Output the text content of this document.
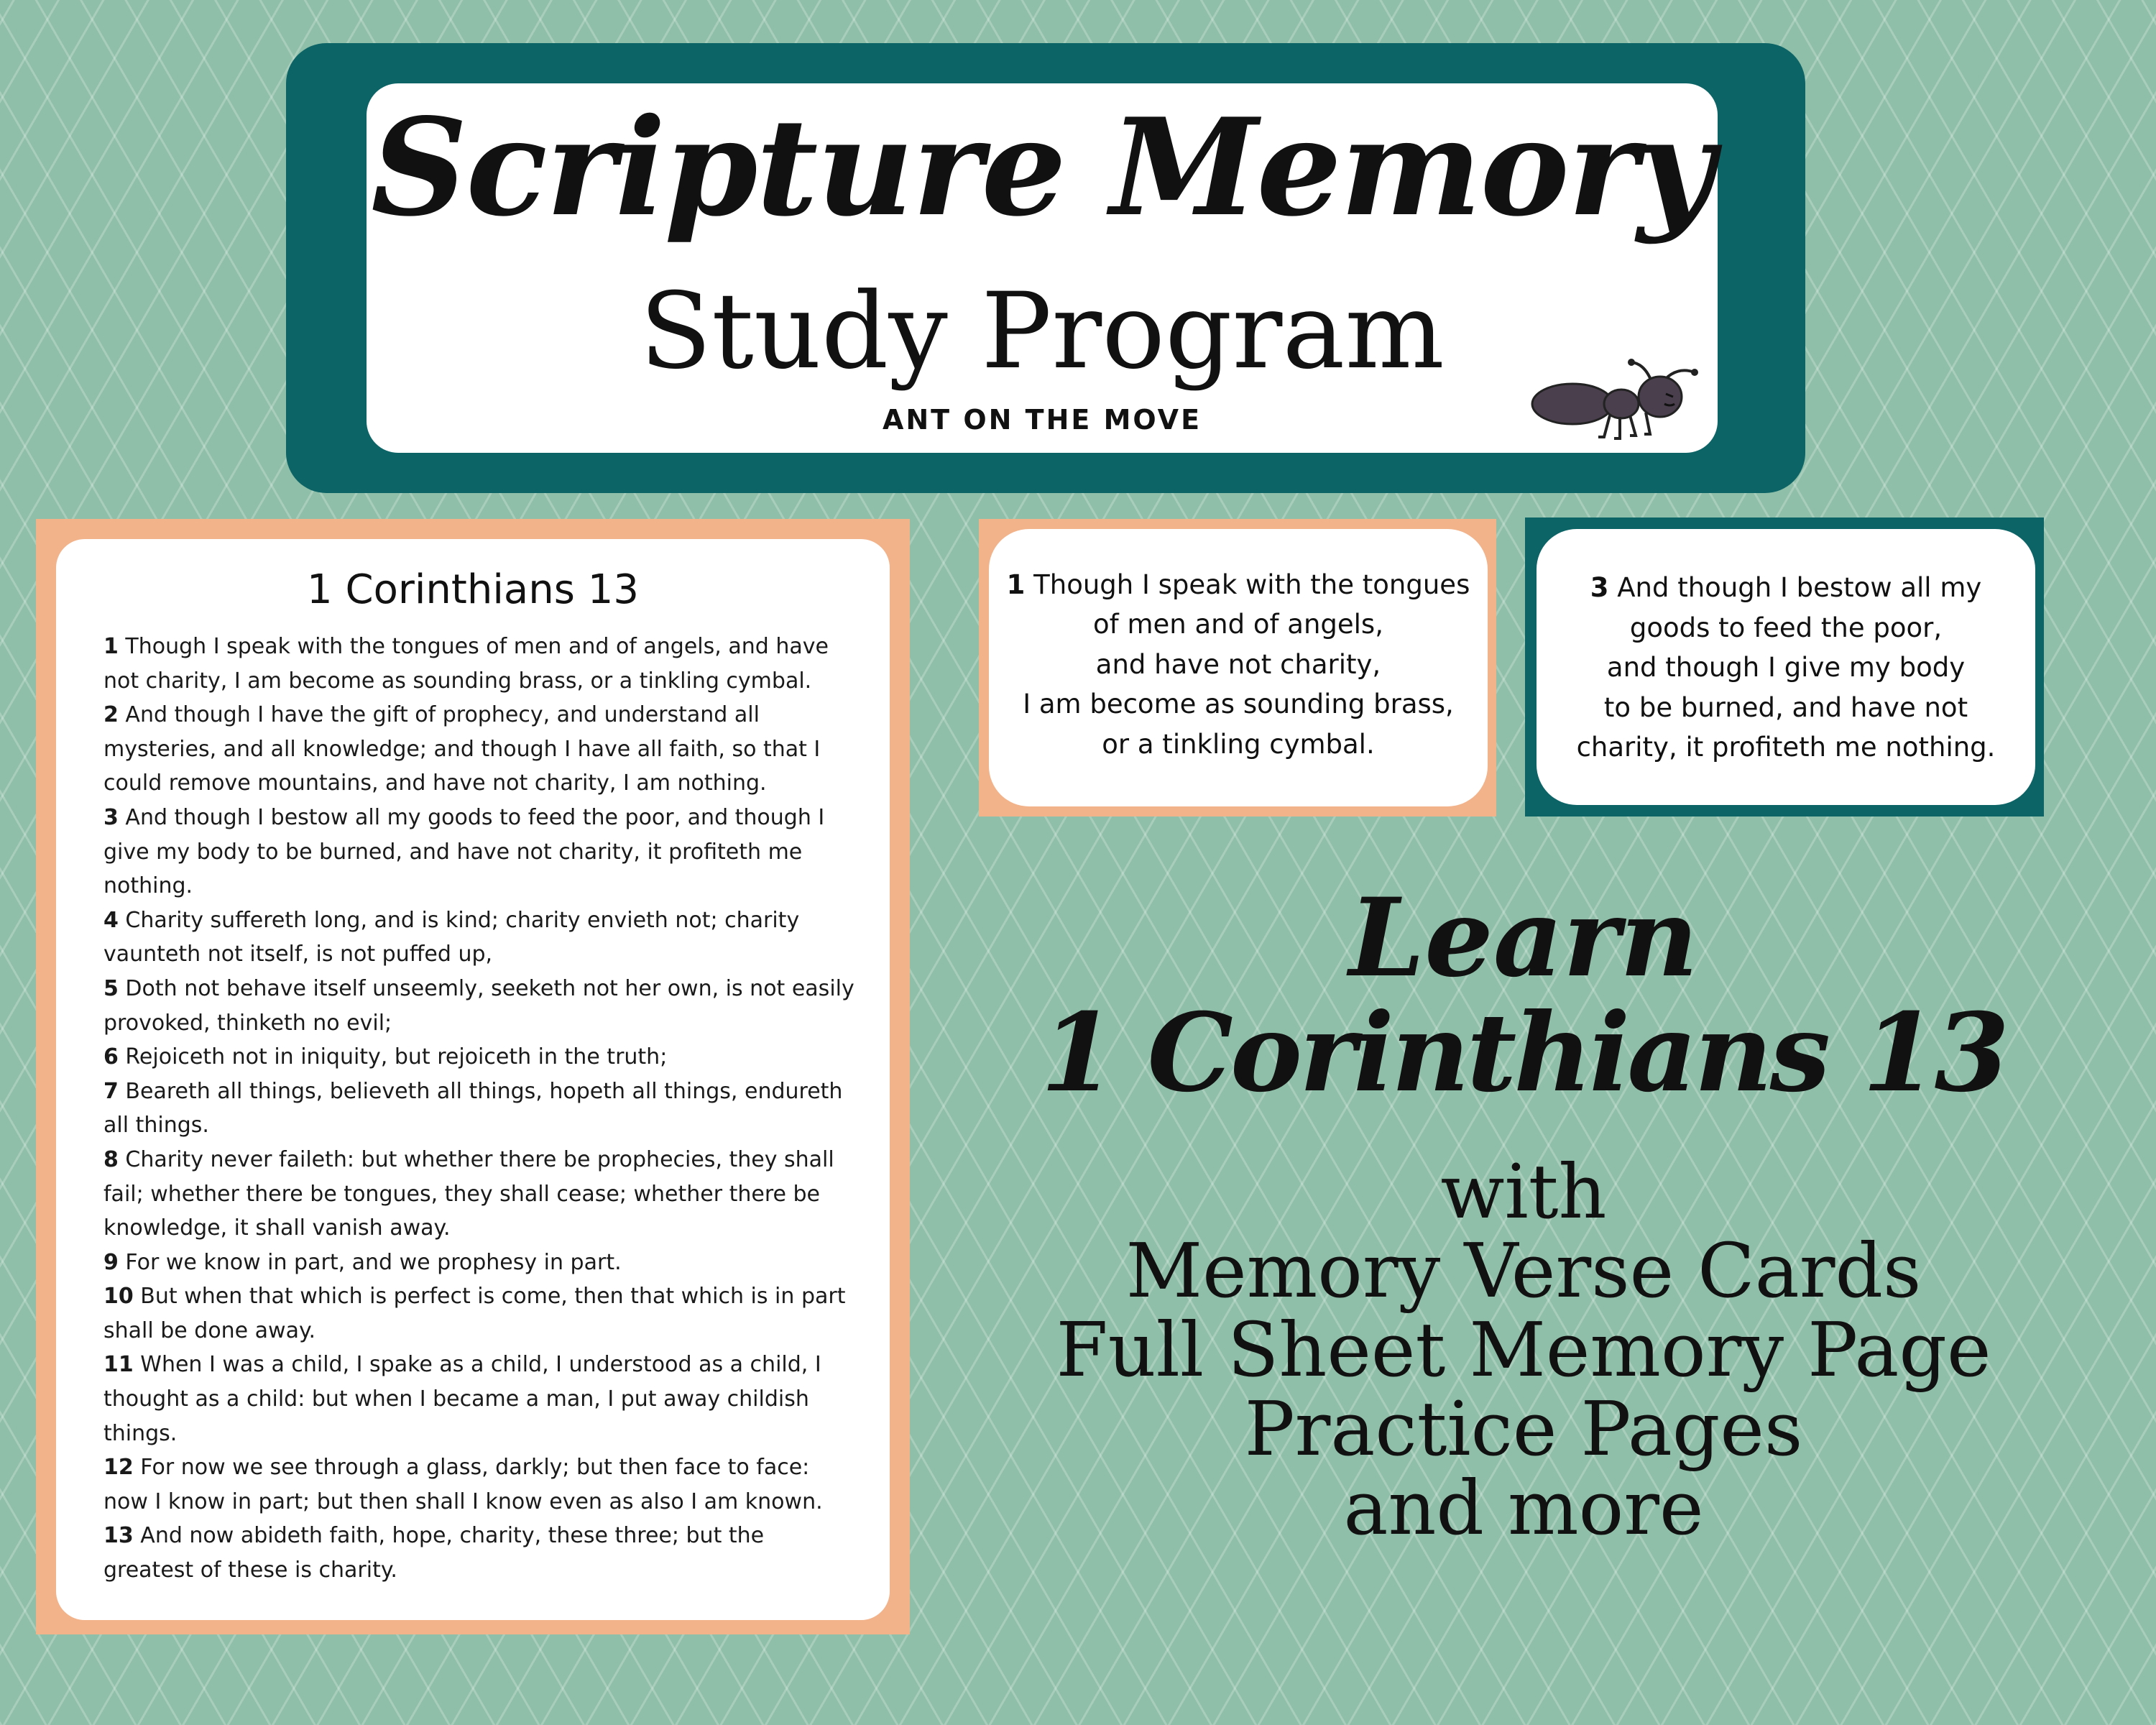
Scripture Memory
Study Program
ANT ON THE MOVE
1 Corinthians 13
1 Though I speak with the tongues of men and of angels, and have not charity, I am become as sounding brass, or a tinkling cymbal.
2 And though I have the gift of prophecy, and understand all mysteries, and all knowledge; and though I have all faith, so that I could remove mountains, and have not charity, I am nothing.
3 And though I bestow all my goods to feed the poor, and though I give my body to be burned, and have not charity, it profiteth me nothing.
4 Charity suffereth long, and is kind; charity envieth not; charity vaunteth not itself, is not puffed up,
5 Doth not behave itself unseemly, seeketh not her own, is not easily provoked, thinketh no evil;
6 Rejoiceth not in iniquity, but rejoiceth in the truth;
7 Beareth all things, believeth all things, hopeth all things, endureth all things.
8 Charity never faileth: but whether there be prophecies, they shall fail; whether there be tongues, they shall cease; whether there be knowledge, it shall vanish away.
9 For we know in part, and we prophesy in part.
10 But when that which is perfect is come, then that which is in part shall be done away.
11 When I was a child, I spake as a child, I understood as a child, I thought as a child: but when I became a man, I put away childish things.
12 For now we see through a glass, darkly; but then face to face: now I know in part; but then shall I know even as also I am known.
13 And now abideth faith, hope, charity, these three; but the greatest of these is charity.
1 Though I speak with the tongues
of men and of angels,
and have not charity,
I am become as sounding brass,
or a tinkling cymbal.
3 And though I bestow all my
goods to feed the poor,
and though I give my body
to be burned, and have not
charity, it profiteth me nothing.
Learn
1 Corinthians 13
with
Memory Verse Cards
Full Sheet Memory Page
Practice Pages
and more
